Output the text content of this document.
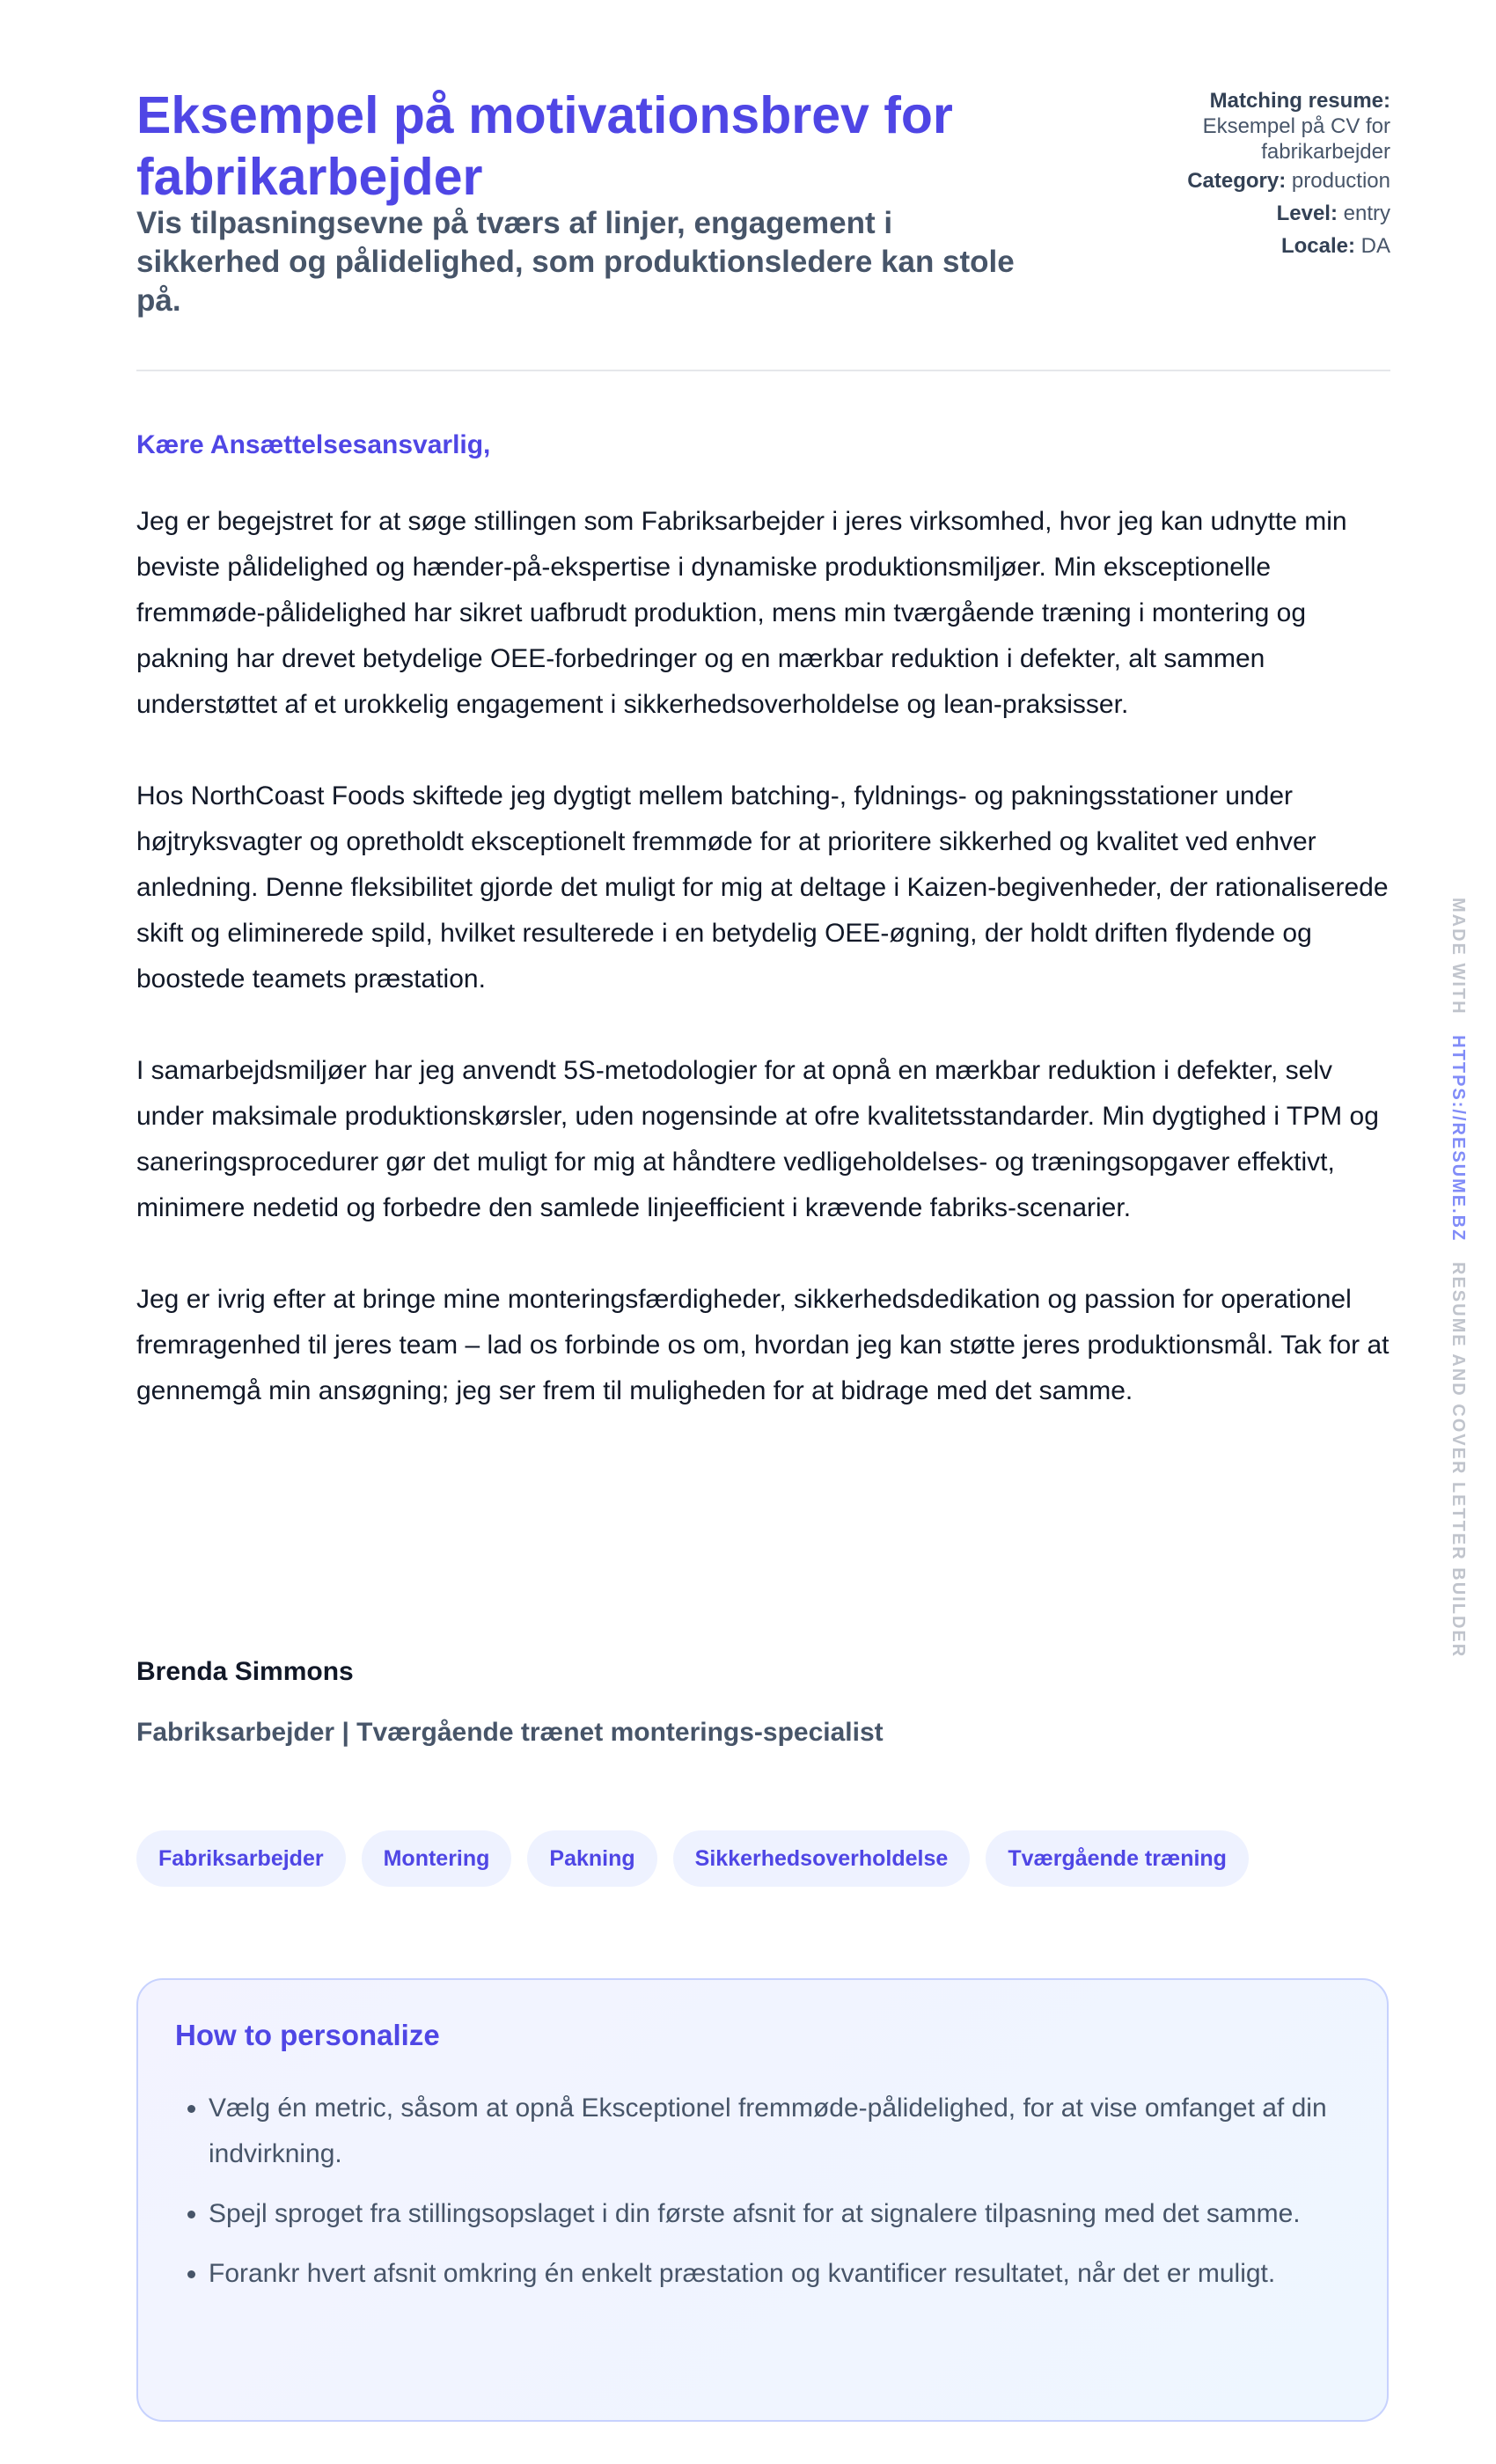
Eksempel på motivationsbrev for fabrikarbejder
Vis tilpasningsevne på tværs af linjer, engagement i sikkerhed og pålidelighed, som produktionsledere kan stole på.
Matching resume:
Eksempel på CV for fabrikarbejder
Category: production
Level: entry
Locale: DA

Kære Ansættelsesansvarlig,

Jeg er begejstret for at søge stillingen som Fabriksarbejder i jeres virksomhed, hvor jeg kan udnytte min beviste pålidelighed og hænder-på-ekspertise i dynamiske produktionsmiljøer. Min eksceptionelle fremmøde-pålidelighed har sikret uafbrudt produktion, mens min tværgående træning i montering og pakning har drevet betydelige OEE-forbedringer og en mærkbar reduktion i defekter, alt sammen understøttet af et urokkelig engagement i sikkerhedsoverholdelse og lean-praksisser.

Hos NorthCoast Foods skiftede jeg dygtigt mellem batching-, fyldnings- og pakningsstationer under højtryksvagter og opretholdt eksceptionelt fremmøde for at prioritere sikkerhed og kvalitet ved enhver anledning. Denne fleksibilitet gjorde det muligt for mig at deltage i Kaizen-begivenheder, der rationaliserede skift og eliminerede spild, hvilket resulterede i en betydelig OEE-øgning, der holdt driften flydende og boostede teamets præstation.

I samarbejdsmiljøer har jeg anvendt 5S-metodologier for at opnå en mærkbar reduktion i defekter, selv under maksimale produktionskørsler, uden nogensinde at ofre kvalitetsstandarder. Min dygtighed i TPM og saneringsprocedurer gør det muligt for mig at håndtere vedligeholdelses- og træningsopgaver effektivt, minimere nedetid og forbedre den samlede linjeefficient i krævende fabriks-scenarier.

Jeg er ivrig efter at bringe mine monteringsfærdigheder, sikkerhedsdedikation og passion for operationel fremragenhed til jeres team – lad os forbinde os om, hvordan jeg kan støtte jeres produktionsmål. Tak for at gennemgå min ansøgning; jeg ser frem til muligheden for at bidrage med det samme.

Brenda Simmons

Fabriksarbejder | Tværgående trænet monterings-specialist

Fabriksarbejder	Montering	Pakning	Sikkerhedsoverholdelse	Tværgående træning
How to personalize
• Vælg én metric, såsom at opnå Eksceptionel fremmøde-pålidelighed, for at vise omfanget af din indvirkning.
• Spejl sproget fra stillingsopslaget i din første afsnit for at signalere tilpasning med det samme.
• Forankr hvert afsnit omkring én enkelt præstation og kvantificer resultatet, når det er muligt.
MADE WITH   HTTPS://RESUME.BZ   RESUME AND COVER LETTER BUILDER
